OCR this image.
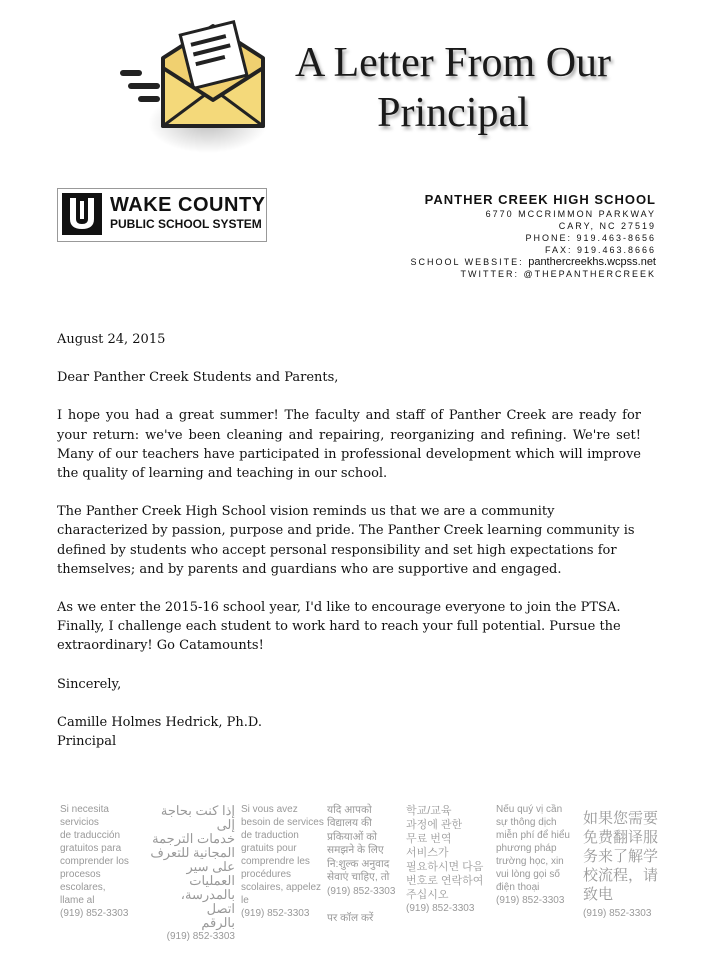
A Letter From Our
Principal
WAKE COUNTY
PUBLIC SCHOOL SYSTEM
PANTHER CREEK HIGH SCHOOL
6770 MCCRIMMON PARKWAY
CARY, NC 27519
PHONE: 919.463-8656
FAX: 919.463.8666
SCHOOL WEBSITE: panthercreekhs.wcpss.net
TWITTER: @THEPANTHERCREEK

August 24, 2015

Dear Panther Creek Students and Parents,

I hope you had a great summer! The faculty and staff of Panther Creek are ready for your return: we've been cleaning and repairing, reorganizing and refining. We're set! Many of our teachers have participated in professional development which will improve the quality of learning and teaching in our school.

The Panther Creek High School vision reminds us that we are a community characterized by passion, purpose and pride. The Panther Creek learning community is defined by students who accept personal responsibility and set high expectations for themselves; and by parents and guardians who are supportive and engaged.

As we enter the 2015-16 school year, I'd like to encourage everyone to join the PTSA. Finally, I challenge each student to work hard to reach your full potential. Pursue the extraordinary! Go Catamounts!

Sincerely,

Camille Holmes Hedrick, Ph.D.

Principal

Si necesita servicios
de traducción
gratuitos para
comprender los
procesos escolares,
llame al

(919) 852-3303

إذا كنت بحاجة إلى
خدمات الترجمة
المجانية للتعرف
على سير العمليات
بالمدرسة، اتصل
بالرقم

(919) 852-3303

Si vous avez
besoin de services
de traduction
gratuits pour
comprendre les
procédures
scolaires, appelez
le
(919) 852-3303

यदि आपको
विद्यालय की
प्रकियाओं को
समझने के लिए
नि:शुल्क अनुवाद
सेवाएं चाहिए, तो

(919) 852-3303

पर कॉल करें

학교/교육
과정에 관한
무료 번역
서비스가
필요하시면 다음
번호로 연락하여
주십시오

(919) 852-3303

Nếu quý vị cần
sự thông dịch
miễn phí để hiểu
phương pháp
trường học, xin
vui lòng gọi số
điện thoại

(919) 852-3303

如果您需要
免费翻译服
务来了解学
校流程，请
致电

(919) 852-3303
